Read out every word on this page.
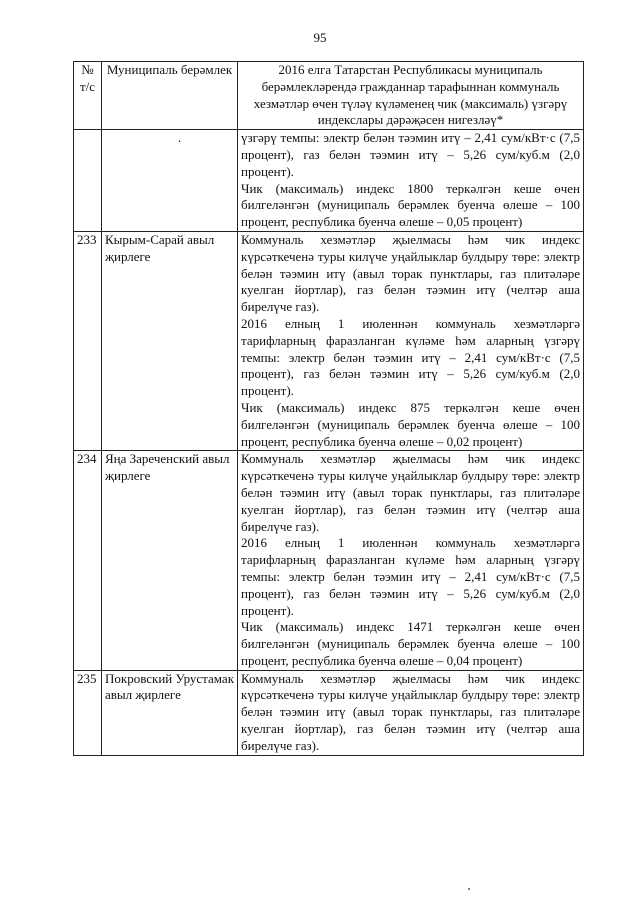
95
№ т/с	Муниципаль берәмлек	2016 елга Татарстан Республикасы муниципаль берәмлекләрендә гражданнар тарафыннан коммуналь хезмәтләр өчен түләү күләменең чик (максималь) үзгәрү индекслары дәрәҗәсен нигезләү*

	.	үзгәрү темпы: электр белән тәэмин итү – 2,41 сум/кВт·с (7,5 процент), газ белән тәэмин итү – 5,26 сум/куб.м (2,0 процент).

Чик (максималь) индекс 1800 теркәлгән кеше өчен билгеләнгән (муниципаль берәмлек буенча өлеше – 100 процент, республика буенча өлеше – 0,05 процент)

233	Кырым-Сарай авыл җирлеге	Коммуналь хезмәтләр җыелмасы һәм чик индекс күрсәткеченә туры килүче уңайлыклар булдыру төре: электр белән тәэмин итү (авыл торак пунктлары, газ плитәләре куелган йортлар), газ белән тәэмин итү (челтәр аша бирелүче газ).

2016 елның 1 июленнән коммуналь хезмәтләргә тарифларның фаразланган күләме һәм аларның үзгәрү темпы: электр белән тәэмин итү – 2,41 сум/кВт·с (7,5 процент), газ белән тәэмин итү – 5,26 сум/куб.м (2,0 процент).

Чик (максималь) индекс 875 теркәлгән кеше өчен билгеләнгән (муниципаль берәмлек буенча өлеше – 100 процент, республика буенча өлеше – 0,02 процент)

234	Яңа Зареченский авыл җирлеге	Коммуналь хезмәтләр җыелмасы һәм чик индекс күрсәткеченә туры килүче уңайлыклар булдыру төре: электр белән тәэмин итү (авыл торак пунктлары, газ плитәләре куелган йортлар), газ белән тәэмин итү (челтәр аша бирелүче газ).

2016 елның 1 июленнән коммуналь хезмәтләргә тарифларның фаразланган күләме һәм аларның үзгәрү темпы: электр белән тәэмин итү – 2,41 сум/кВт·с (7,5 процент), газ белән тәэмин итү – 5,26 сум/куб.м (2,0 процент).

Чик (максималь) индекс 1471 теркәлгән кеше өчен билгеләнгән (муниципаль берәмлек буенча өлеше – 100 процент, республика буенча өлеше – 0,04 процент)

235	Покровский Урустамак авыл җирлеге	Коммуналь хезмәтләр җыелмасы һәм чик индекс күрсәткеченә туры килүче уңайлыклар булдыру төре: электр белән тәэмин итү (авыл торак пунктлары, газ плитәләре куелган йортлар), газ белән тәэмин итү (челтәр аша бирелүче газ).
